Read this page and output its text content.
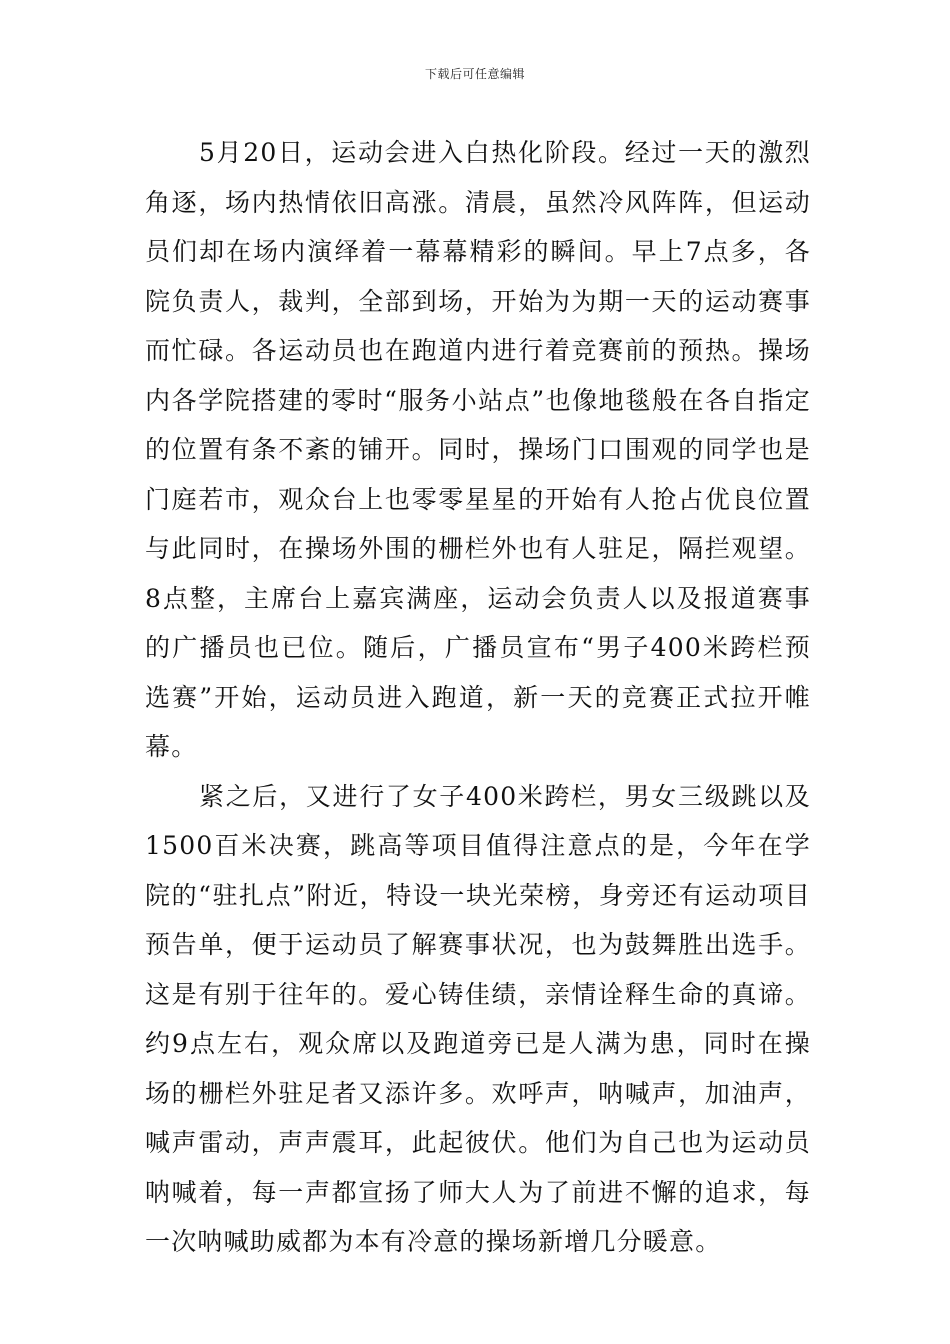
下载后可任意编辑

5月20日，运动会进入白热化阶段。经过一天的激烈角逐，场内热情依旧高涨。清晨，虽然冷风阵阵，但运动员们却在场内演绎着一幕幕精彩的瞬间。早上7点多，各院负责人，裁判，全部到场，开始为为期一天的运动赛事而忙碌。各运动员也在跑道内进行着竞赛前的预热。操场内各学院搭建的零时“服务小站点”也像地毯般在各自指定的位置有条不紊的铺开。同时，操场门口围观的同学也是门庭若市，观众台上也零零星星的开始有人抢占优良位置与此同时，在操场外围的栅栏外也有人驻足，隔拦观望。8点整，主席台上嘉宾满座，运动会负责人以及报道赛事的广播员也已位。随后，广播员宣布“男子400米跨栏预选赛”开始，运动员进入跑道，新一天的竞赛正式拉开帷幕。

紧之后，又进行了女子400米跨栏，男女三级跳以及1500百米决赛，跳高等项目值得注意点的是，今年在学院的“驻扎点”附近，特设一块光荣榜，身旁还有运动项目预告单，便于运动员了解赛事状况，也为鼓舞胜出选手。这是有别于往年的。爱心铸佳绩，亲情诠释生命的真谛。约9点左右，观众席以及跑道旁已是人满为患，同时在操场的栅栏外驻足者又添许多。欢呼声，呐喊声，加油声，喊声雷动，声声震耳，此起彼伏。他们为自己也为运动员呐喊着，每一声都宣扬了师大人为了前进不懈的追求，每一次呐喊助威都为本有冷意的操场新增几分暖意。
